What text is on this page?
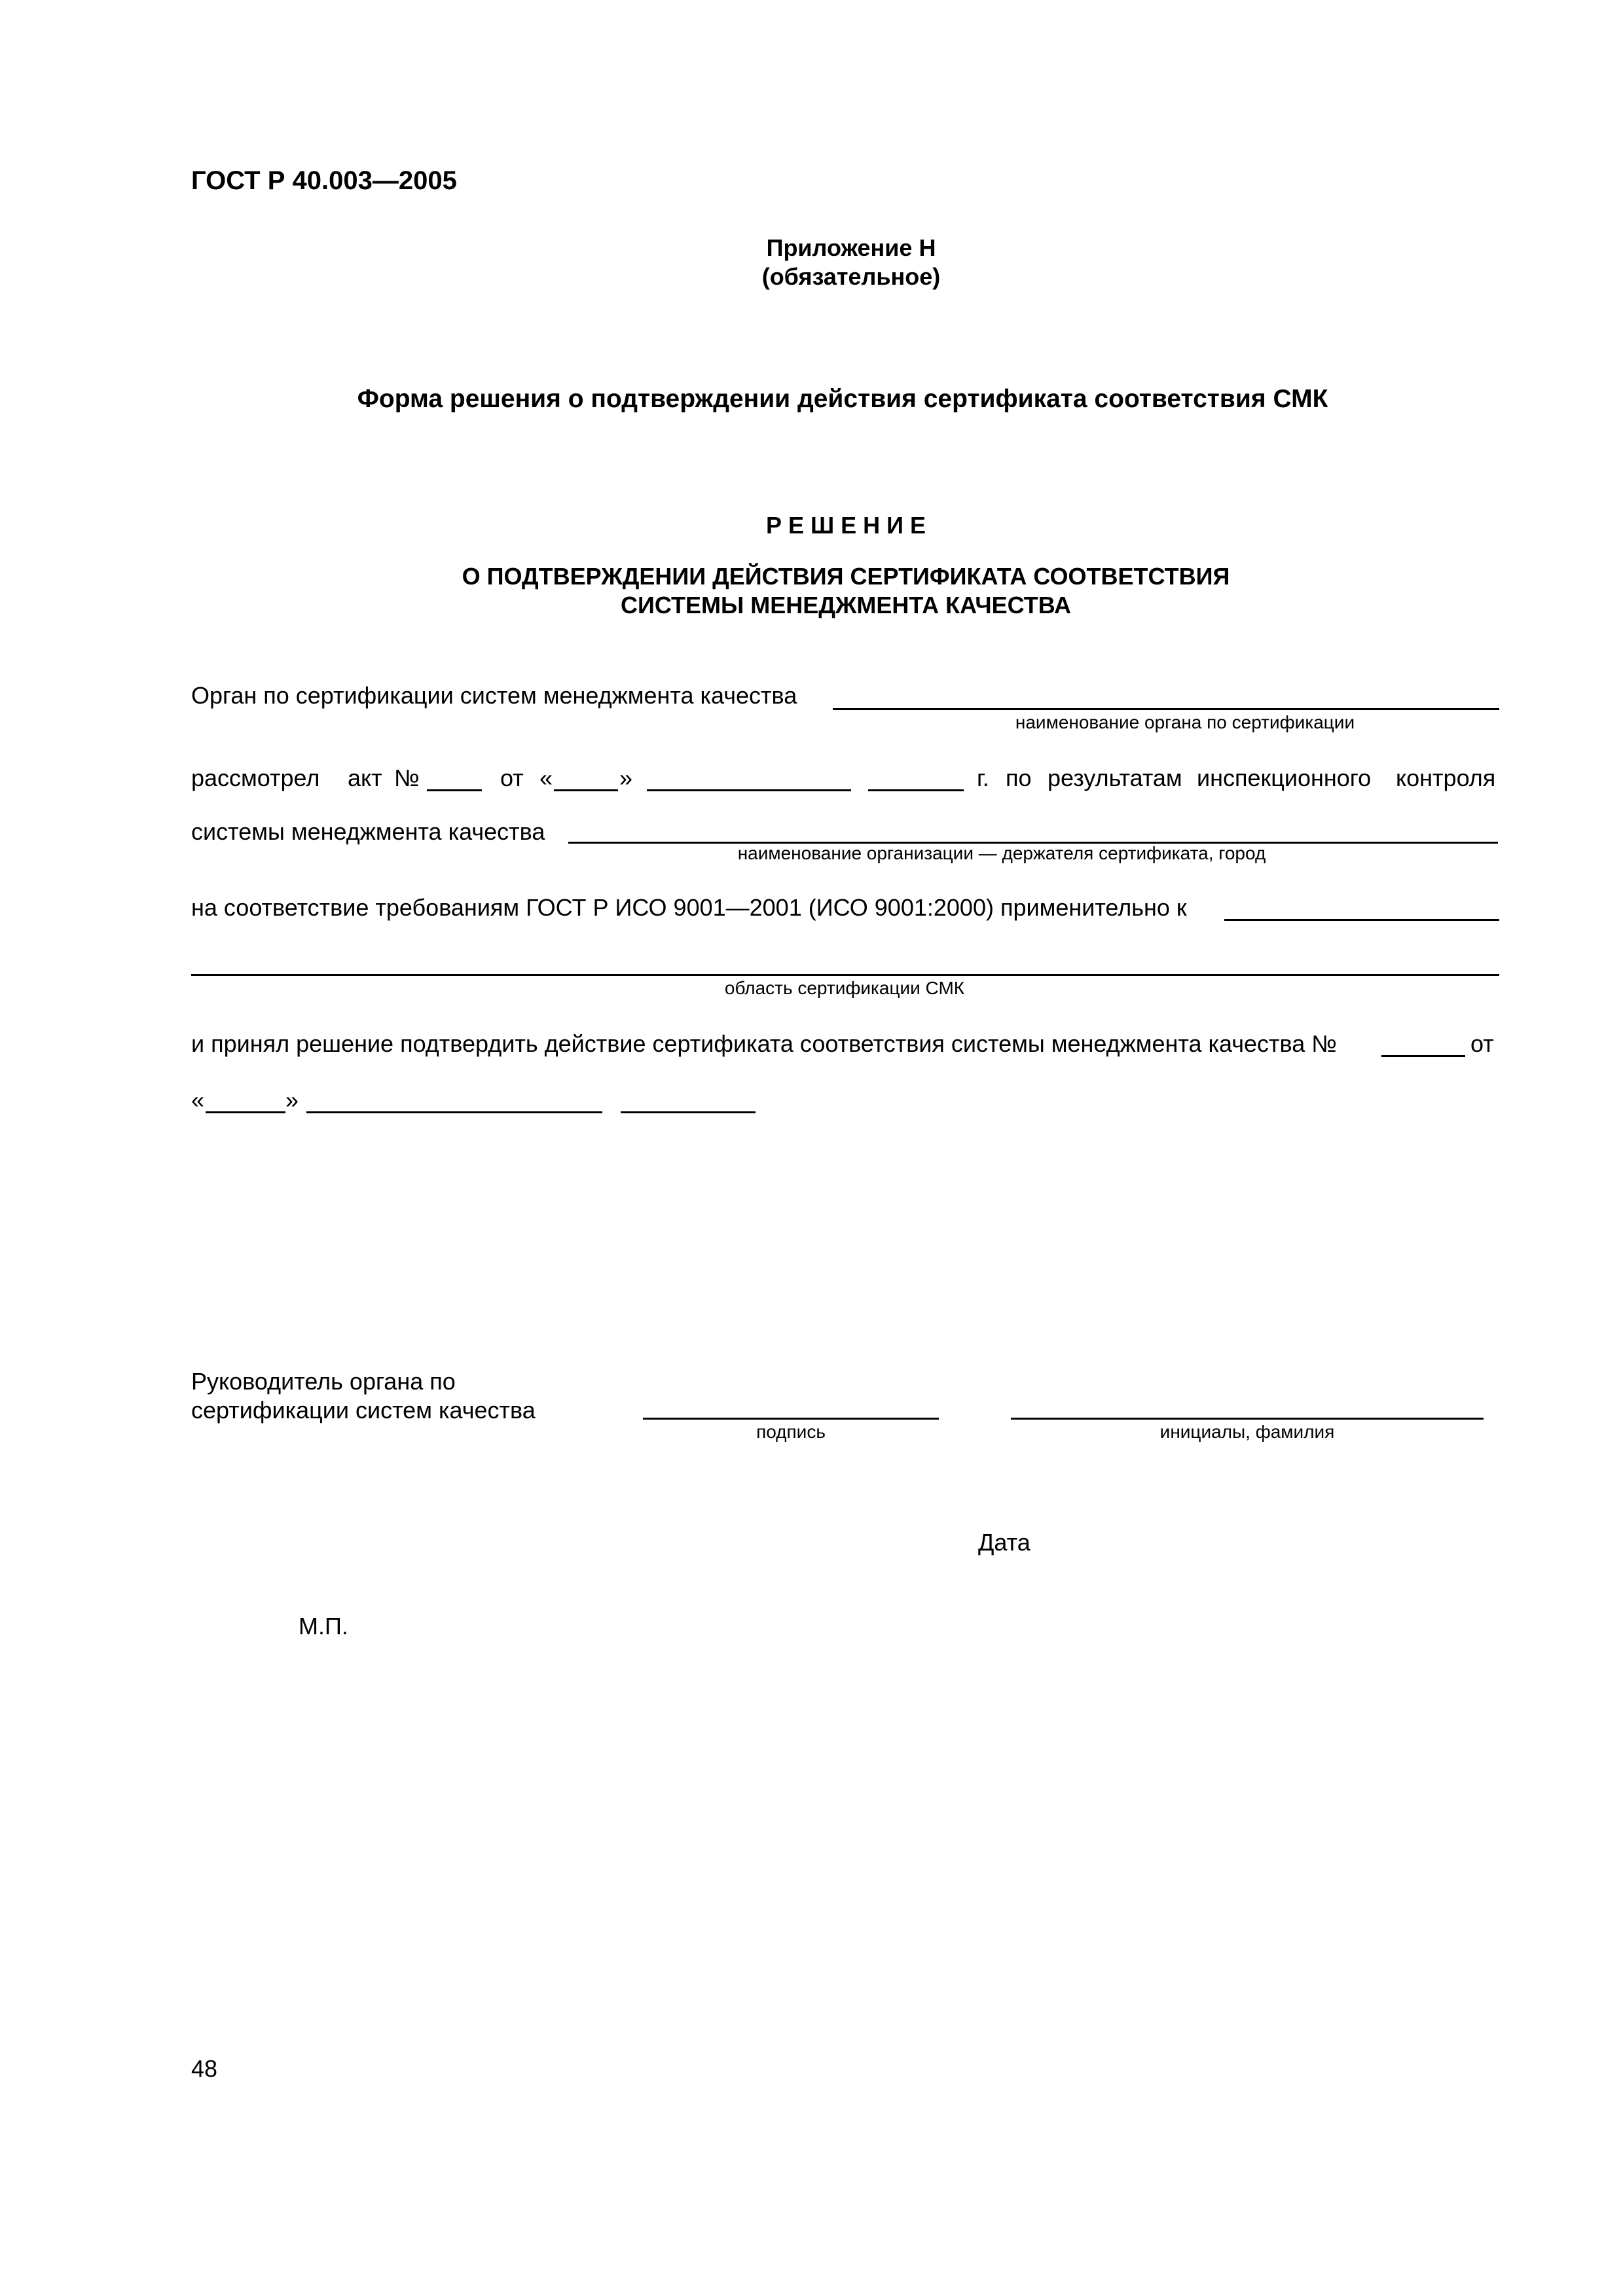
ГОСТ Р 40.003—2005
Приложение Н
(обязательное)
Форма решения о подтверждении действия сертификата соответствия СМК
Р Е Ш Е Н И Е
О ПОДТВЕРЖДЕНИИ ДЕЙСТВИЯ СЕРТИФИКАТА СООТВЕТСТВИЯ
СИСТЕМЫ МЕНЕДЖМЕНТА КАЧЕСТВА
Орган по сертификации систем менеджмента качества
наименование органа по сертификации
рассмотрел акт №	от «	»	г. по результатам инспекционного контроля
системы менеджмента качества
наименование организации — держателя сертификата, город
на соответствие требованиям ГОСТ Р ИСО 9001—2001 (ИСО 9001:2000) применительно к
область сертификации СМК
и принял решение подтвердить действие сертификата соответствия системы менеджмента качества №	от
«	»
Руководитель органа по
сертификации систем качества
подпись	инициалы, фамилия
Дата
М.П.
48
